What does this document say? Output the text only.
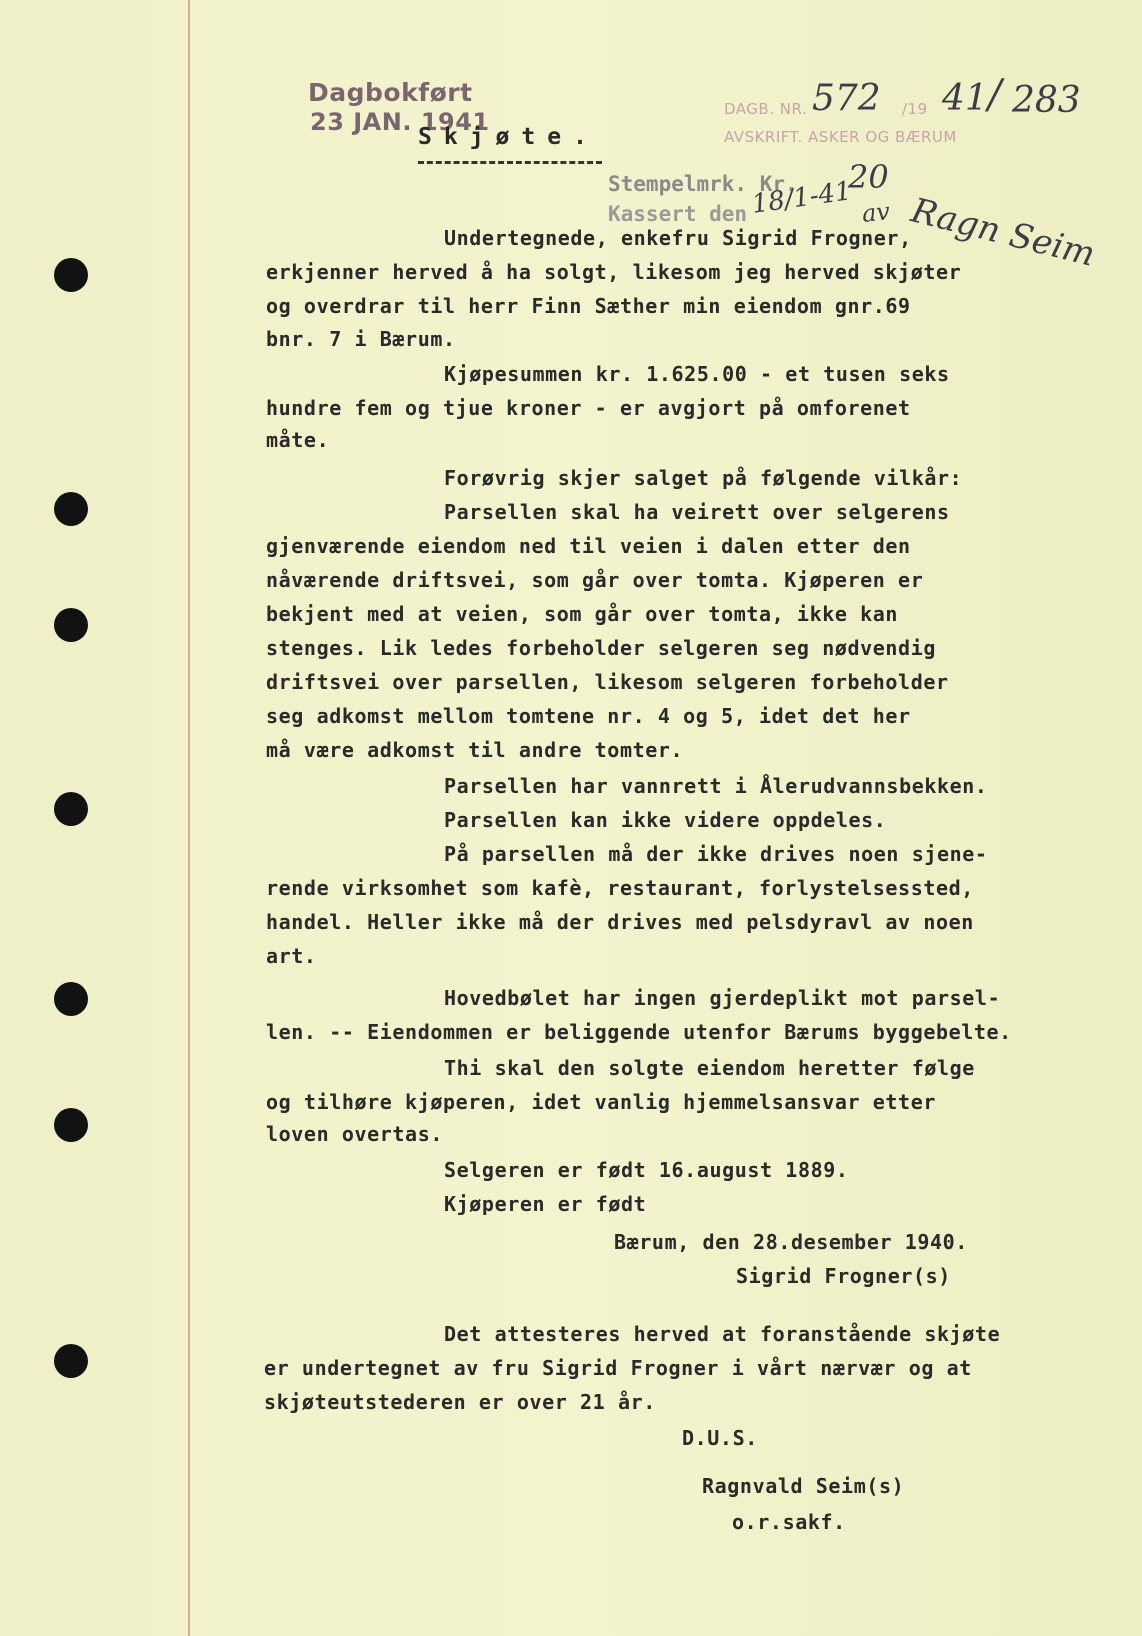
Dagbokført
23 JAN. 1941
Skjøte.
DAGB. NR. 572 /19 41 / 283
AVSKRIFT. ASKER OG BÆRUM
Stempelmrk. Kr. 20
Kassert den 18/1-41 av Ragn Seim
Undertegnede, enkefru Sigrid Frogner,
erkjenner herved å ha solgt, likesom jeg herved skjøter
og overdrar til herr Finn Sæther min eiendom gnr.69
bnr. 7 i Bærum.
Kjøpesummen kr. 1.625.00 - et tusen seks
hundre fem og tjue kroner - er avgjort på omforenet
måte.
Forøvrig skjer salget på følgende vilkår:
Parsellen skal ha veirett over selgerens
gjenværende eiendom ned til veien i dalen etter den
nåværende driftsvei, som går over tomta. Kjøperen er
bekjent med at veien, som går over tomta, ikke kan
stenges. Lik ledes forbeholder selgeren seg nødvendig
driftsvei over parsellen, likesom selgeren forbeholder
seg adkomst mellom tomtene nr. 4 og 5, idet det her
må være adkomst til andre tomter.
Parsellen har vannrett i Ålerudvannsbekken.
Parsellen kan ikke videre oppdeles.
På parsellen må der ikke drives noen sjene-
rende virksomhet som kafè, restaurant, forlystelsessted,
handel. Heller ikke må der drives med pelsdyravl av noen
art.
Hovedbølet har ingen gjerdeplikt mot parsel-
len. -- Eiendommen er beliggende utenfor Bærums byggebelte.
Thi skal den solgte eiendom heretter følge
og tilhøre kjøperen, idet vanlig hjemmelsansvar etter
loven overtas.
Selgeren er født 16.august 1889.
Kjøperen er født
Bærum, den 28.desember 1940.
Sigrid Frogner(s)
Det attesteres herved at foranstående skjøte
er undertegnet av fru Sigrid Frogner i vårt nærvær og at
skjøteutstederen er over 21 år.
D.U.S.
Ragnvald Seim(s)
o.r.sakf.
